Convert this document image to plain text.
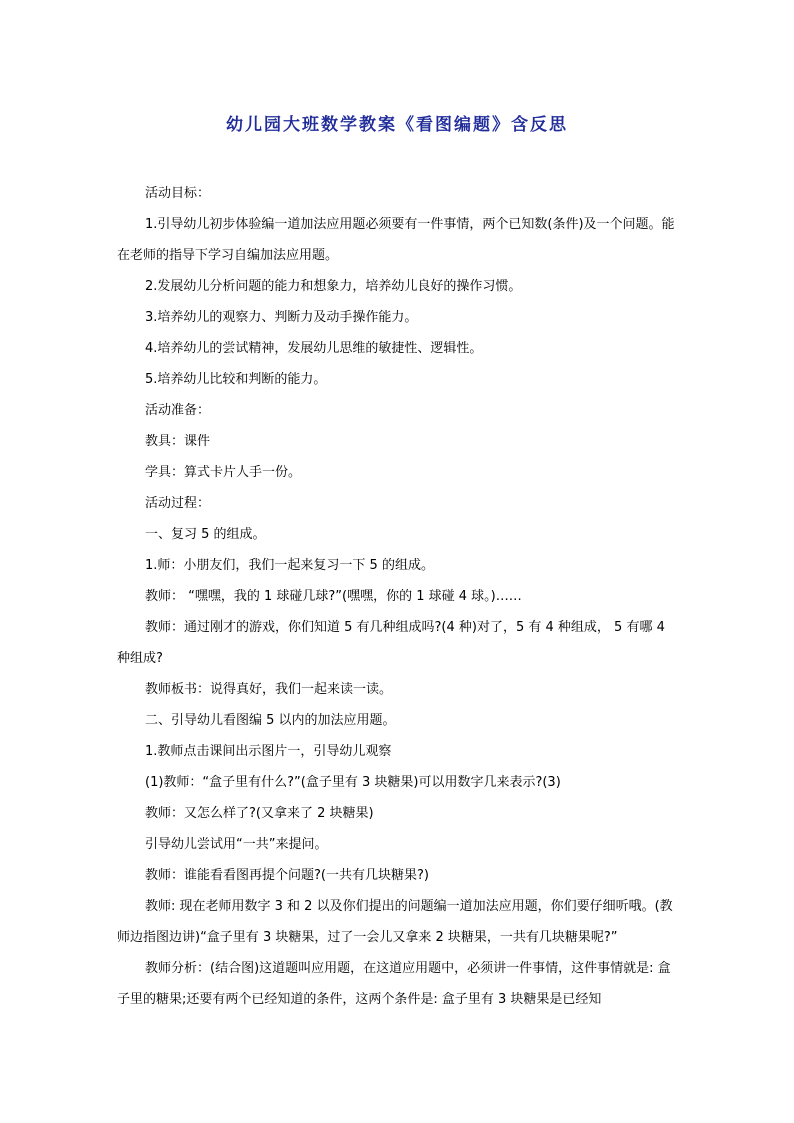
幼儿园大班数学教案《看图编题》含反思

活动目标：

1.引导幼儿初步体验编一道加法应用题必须要有一件事情，两个已知数(条件)及一个问题。能在老师的指导下学习自编加法应用题。

2.发展幼儿分析问题的能力和想象力，培养幼儿良好的操作习惯。

3.培养幼儿的观察力、判断力及动手操作能力。

4.培养幼儿的尝试精神，发展幼儿思维的敏捷性、逻辑性。

5.培养幼儿比较和判断的能力。

活动准备：

教具：课件

学具：算式卡片人手一份。

活动过程：

一、复习 5 的组成。

1.师：小朋友们，我们一起来复习一下 5 的组成。

教师： “嘿嘿，我的 1 球碰几球?”(嘿嘿，你的 1 球碰 4 球。)……

教师：通过刚才的游戏，你们知道 5 有几种组成吗?(4 种)对了，5 有 4 种组成， 5 有哪 4 种组成?

教师板书：说得真好，我们一起来读一读。

二、引导幼儿看图编 5 以内的加法应用题。

1.教师点击课间出示图片一，引导幼儿观察

(1)教师：“盒子里有什么?”(盒子里有 3 块糖果)可以用数字几来表示?(3)

教师：又怎么样了?(又拿来了 2 块糖果)

引导幼儿尝试用“一共”来提问。

教师：谁能看看图再提个问题?(一共有几块糖果?)

教师: 现在老师用数字 3 和 2 以及你们提出的问题编一道加法应用题，你们要仔细听哦。(教师边指图边讲)“盒子里有 3 块糖果，过了一会儿又拿来 2 块糖果，一共有几块糖果呢?”

教师分析：(结合图)这道题叫应用题，在这道应用题中，必须讲一件事情，这件事情就是: 盒子里的糖果;还要有两个已经知道的条件，这两个条件是: 盒子里有 3 块糖果是已经知
